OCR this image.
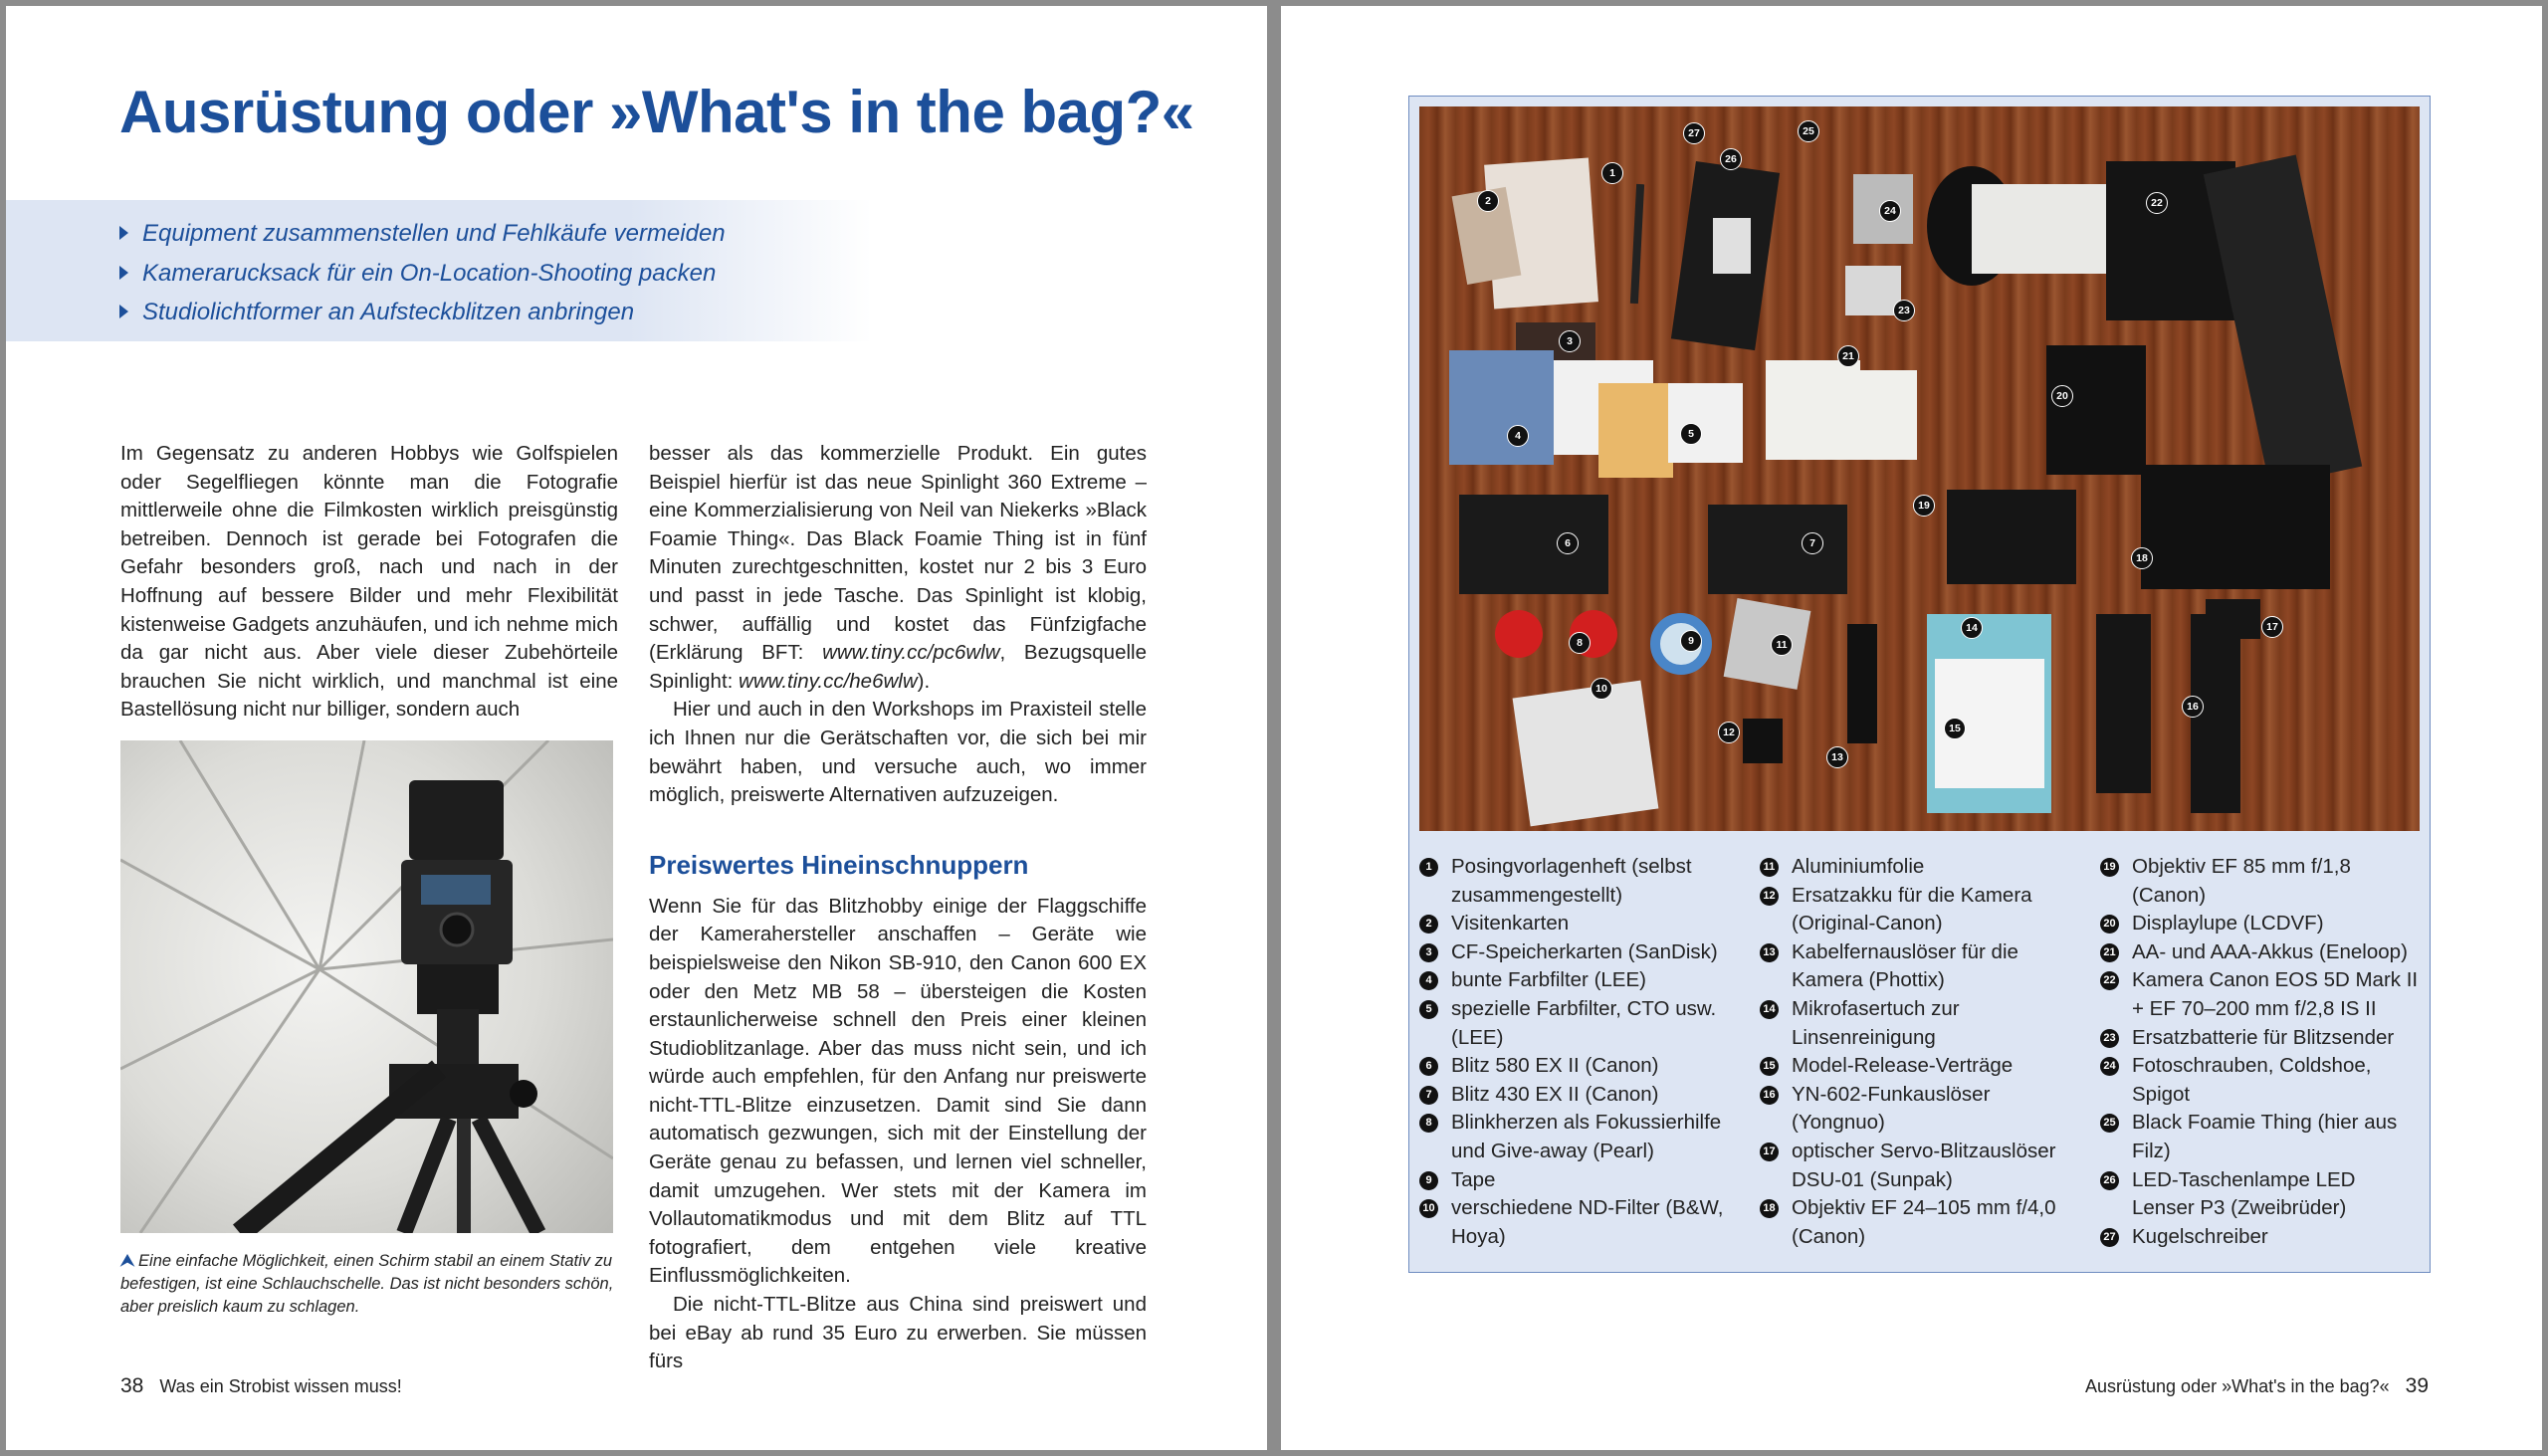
Ausrüstung oder »What's in the bag?«
Equipment zusammenstellen und Fehlkäufe vermeiden
Kamerarucksack für ein On-Location-Shooting packen
Studiolichtformer an Aufsteckblitzen anbringen

Im Gegensatz zu anderen Hobbys wie Golfspielen oder Segelfliegen könnte man die Fotografie mittlerweile ohne die Filmkosten wirklich preisgünstig betreiben. Dennoch ist gerade bei Fotografen die Gefahr besonders groß, nach und nach in der Hoffnung auf bessere Bilder und mehr Flexibilität kistenweise Gadgets anzuhäufen, und ich nehme mich da gar nicht aus. Aber viele dieser Zubehörteile brauchen Sie nicht wirklich, und manchmal ist eine Bastellösung nicht nur billiger, sondern auch

⮝ Eine einfache Möglichkeit, einen Schirm stabil an einem Stativ zu befestigen, ist eine Schlauchschelle. Das ist nicht besonders schön, aber preislich kaum zu schlagen.

besser als das kommerzielle Produkt. Ein gutes Beispiel hierfür ist das neue Spinlight 360 Extreme – eine Kommerzialisierung von Neil van Niekerks »Black Foamie Thing«. Das Black Foamie Thing ist in fünf Minuten zurechtgeschnitten, kostet nur 2 bis 3 Euro und passt in jede Tasche. Das Spinlight ist klobig, schwer, auffällig und kostet das Fünfzigfache (Erklärung BFT: www.tiny.cc/pc6wlw, Bezugsquelle Spinlight: www.tiny.cc/he6wlw).

Hier und auch in den Workshops im Praxisteil stelle ich Ihnen nur die Gerätschaften vor, die sich bei mir bewährt haben, und versuche auch, wo immer möglich, preiswerte Alternativen aufzuzeigen.

Preiswertes Hineinschnuppern

Wenn Sie für das Blitzhobby einige der Flaggschiffe der Kamerahersteller anschaffen – Geräte wie beispielsweise den Nikon SB-910, den Canon 600 EX oder den Metz MB 58 – übersteigen die Kosten erstaunlicherweise schnell den Preis einer kleinen Studioblitzanlage. Aber das muss nicht sein, und ich würde auch empfehlen, für den Anfang nur preiswerte nicht-TTL-Blitze einzusetzen. Damit sind Sie dann automatisch gezwungen, sich mit der Einstellung der Geräte genau zu befassen, und lernen viel schneller, damit umzugehen. Wer stets mit der Kamera im Vollautomatikmodus und mit dem Blitz auf TTL fotografiert, dem entgehen viele kreative Einflussmöglichkeiten.

Die nicht-TTL-Blitze aus China sind preiswert und bei eBay ab rund 35 Euro zu erwerben. Sie müssen fürs

38 Was ein Strobist wissen muss!
1
2
3
4	5
6	7
8	9
10
11
12
13
14
15
16
17
18
19
20
21
22
23
24
25
26
27
1 Posingvorlagenheft (selbst zusammengestellt)
2 Visitenkarten
3 CF-Speicherkarten (SanDisk)
4 bunte Farbfilter (LEE)
5 spezielle Farbfilter, CTO usw. (LEE)
6 Blitz 580 EX II (Canon)
7 Blitz 430 EX II (Canon)
8 Blinkherzen als Fokussierhilfe und Give-away (Pearl)
9 Tape
10 verschiedene ND-Filter (B&W, Hoya)
11 Aluminiumfolie
12 Ersatzakku für die Kamera (Original-Canon)
13 Kabelfernauslöser für die Kamera (Phottix)
14 Mikrofasertuch zur Linsenreinigung
15 Model-Release-Verträge
16 YN-602-Funkauslöser (Yongnuo)
17 optischer Servo-Blitzauslöser DSU-01 (Sunpak)
18 Objektiv EF 24–105 mm f/4,0 (Canon)
19 Objektiv EF 85 mm f/1,8 (Canon)
20 Displaylupe (LCDVF)
21 AA- und AAA-Akkus (Eneloop)
22 Kamera Canon EOS 5D Mark II + EF 70–200 mm f/2,8 IS II
23 Ersatzbatterie für Blitzsender
24 Fotoschrauben, Coldshoe, Spigot
25 Black Foamie Thing (hier aus Filz)
26 LED-Taschenlampe LED Lenser P3 (Zweibrüder)
27 Kugelschreiber
Ausrüstung oder »What's in the bag?« 39
